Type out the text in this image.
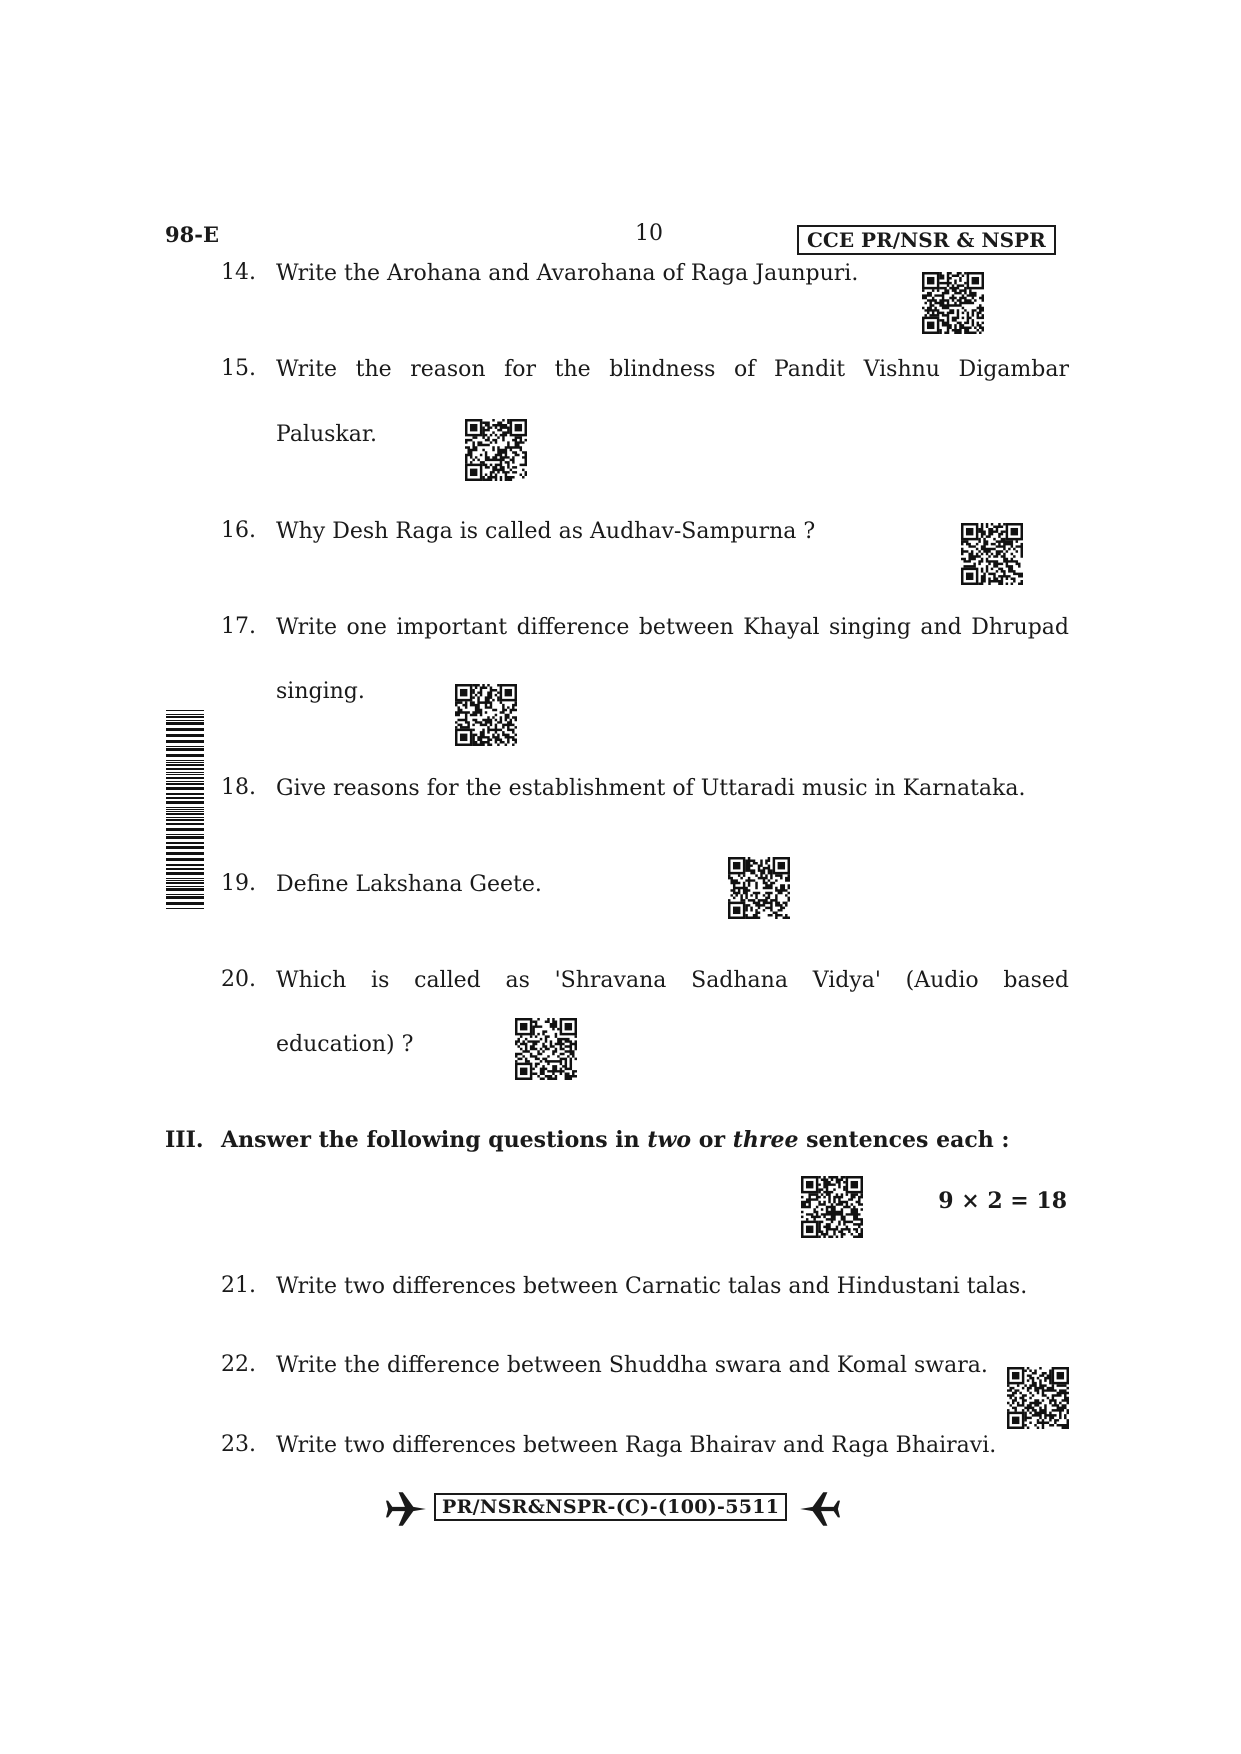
98-E	10	CCE PR/NSR & NSPR
14. Write the Arohana and Avarohana of Raga Jaunpuri.
15. Write the reason for the blindness of Pandit Vishnu Digambar
Paluskar.
16. Why Desh Raga is called as Audhav-Sampurna ?
17. Write one important difference between Khayal singing and Dhrupad
singing.
18. Give reasons for the establishment of Uttaradi music in Karnataka.
19. Define Lakshana Geete.
20. Which is called as 'Shravana Sadhana Vidya' (Audio based
education) ?
III. Answer the following questions in two or three sentences each :
9 × 2 = 18
21. Write two differences between Carnatic talas and Hindustani talas.
22. Write the difference between Shuddha swara and Komal swara.
23. Write two differences between Raga Bhairav and Raga Bhairavi.
PR/NSR&NSPR-(C)-(100)-5511
